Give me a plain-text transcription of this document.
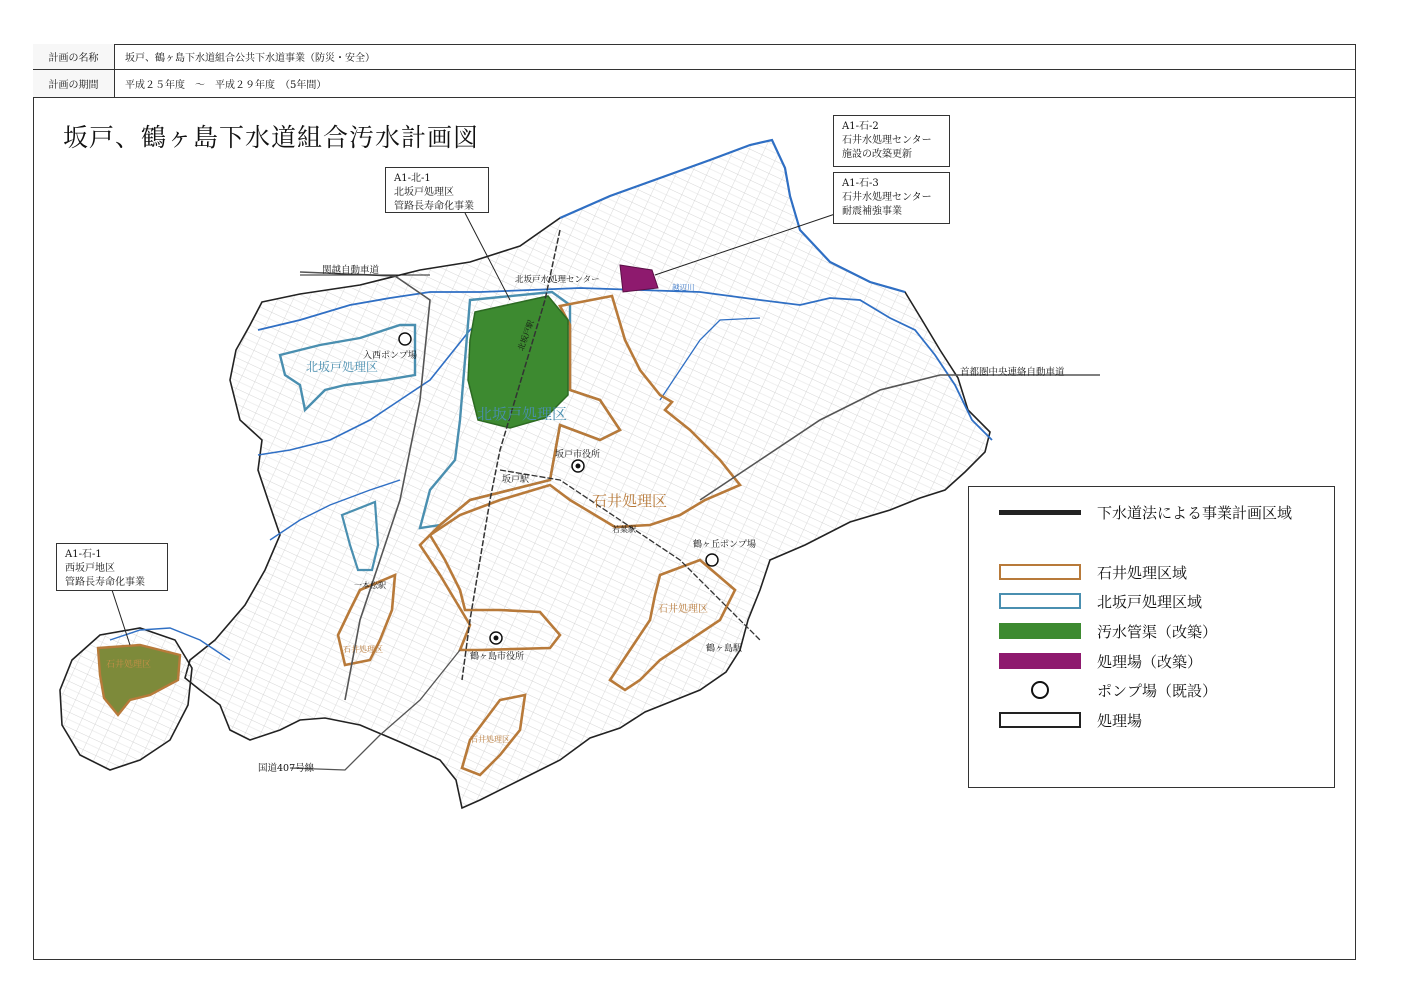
計画の名称	坂戸、鶴ヶ島下水道組合公共下水道事業（防災・安全）
計画の期間	平成２５年度　～　平成２９年度　（5年間）
坂戸、鶴ヶ島下水道組合汚水計画図
A1-北-1
北坂戸処理区
管路長寿命化事業
A1-石-2
石井水処理センター
施設の改築更新
A1-石-3
石井水処理センター
耐震補強事業
A1-石-1
西坂戸地区
管路長寿命化事業
関越自動車道
北坂戸水処理センター
入西ポンプ場
北坂戸処理区
北坂戸処理区
北坂戸駅
坂戸市役所
坂戸駅
石井処理区
若葉駅
首都圏中央連絡自動車道
鶴ヶ丘ポンプ場
石井処理区
鶴ヶ島駅
鶴ヶ島市役所
一本松駅
石井処理区
石井処理区
石井処理区
国道407号線
越辺川
下水道法による事業計画区域
石井処理区域
北坂戸処理区域
汚水管渠（改築）
処理場（改築）
ポンプ場（既設）
処理場
